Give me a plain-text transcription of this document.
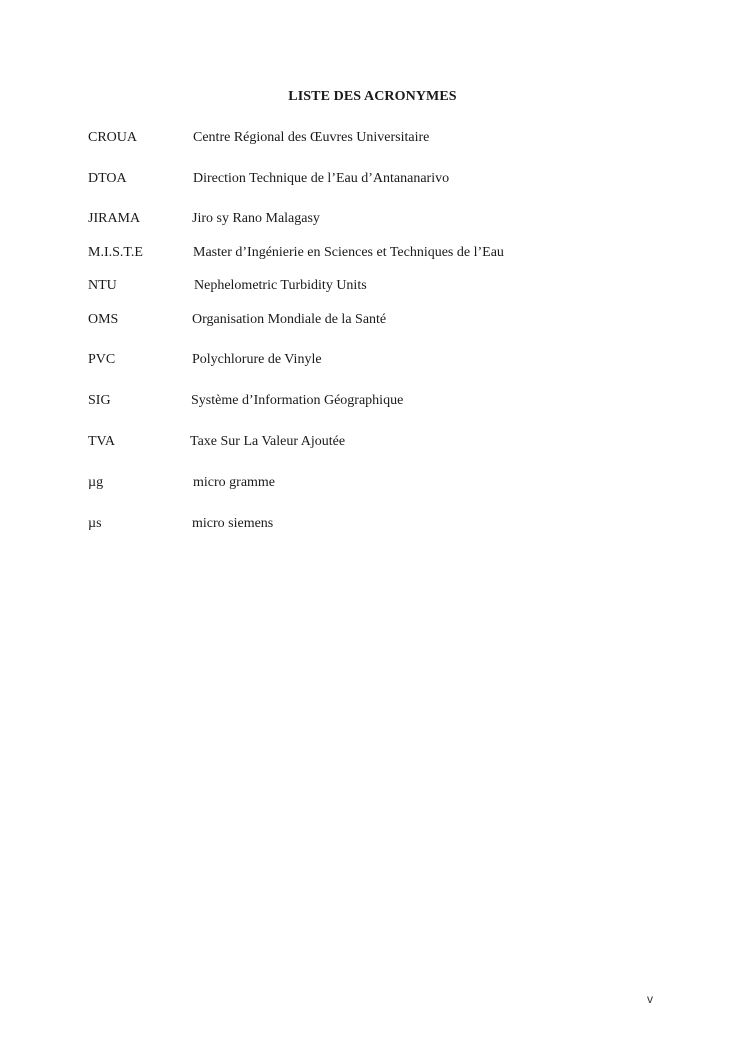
LISTE DES ACRONYMES
CROUA	Centre Régional des Œuvres Universitaire
DTOA	Direction Technique de l’Eau d’Antananarivo
JIRAMA	Jiro sy Rano Malagasy
M.I.S.T.E	Master d’Ingénierie en Sciences et Techniques de l’Eau
NTU	Nephelometric Turbidity Units
OMS	Organisation Mondiale de la Santé
PVC	Polychlorure de Vinyle
SIG	Système d’Information Géographique
TVA	Taxe Sur La Valeur Ajoutée
µg	micro gramme
µs	micro siemens
v
